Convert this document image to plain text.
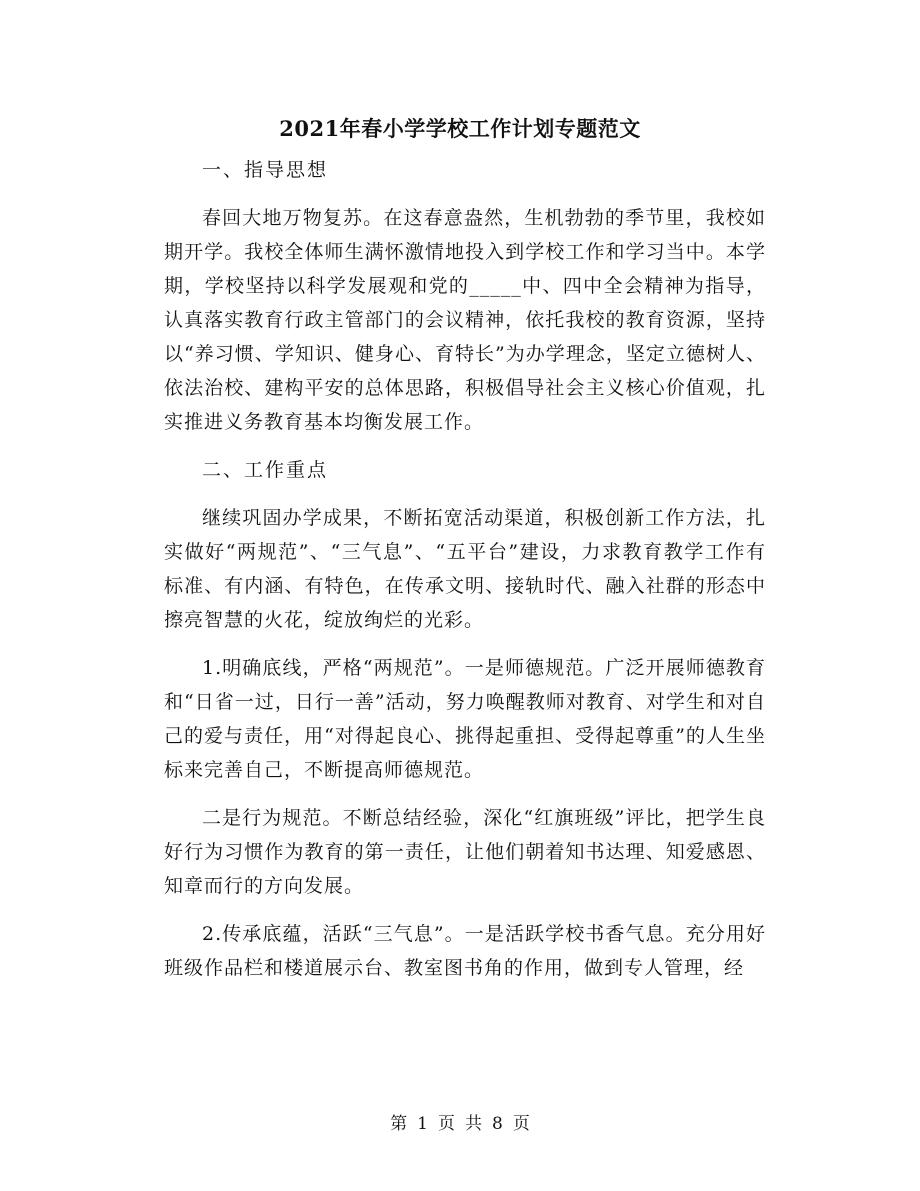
2021年春小学学校工作计划专题范文

一、指导思想

春回大地万物复苏。在这春意盎然，生机勃勃的季节里，我校如期开学。我校全体师生满怀激情地投入到学校工作和学习当中。本学期，学校坚持以科学发展观和党的_____中、四中全会精神为指导，认真落实教育行政主管部门的会议精神，依托我校的教育资源，坚持以“养习惯、学知识、健身心、育特长”为办学理念，坚定立德树人、依法治校、建构平安的总体思路，积极倡导社会主义核心价值观，扎实推进义务教育基本均衡发展工作。

二、工作重点

继续巩固办学成果，不断拓宽活动渠道，积极创新工作方法，扎实做好“两规范”、“三气息”、“五平台”建设，力求教育教学工作有标准、有内涵、有特色，在传承文明、接轨时代、融入社群的形态中擦亮智慧的火花，绽放绚烂的光彩。

1.明确底线，严格“两规范”。一是师德规范。广泛开展师德教育和“日省一过，日行一善”活动，努力唤醒教师对教育、对学生和对自己的爱与责任，用“对得起良心、挑得起重担、受得起尊重”的人生坐标来完善自己，不断提高师德规范。

二是行为规范。不断总结经验，深化“红旗班级”评比，把学生良好行为习惯作为教育的第一责任，让他们朝着知书达理、知爱感恩、知章而行的方向发展。

2.传承底蕴，活跃“三气息”。一是活跃学校书香气息。充分用好班级作品栏和楼道展示台、教室图书角的作用，做到专人管理，经

第 1 页 共 8 页
